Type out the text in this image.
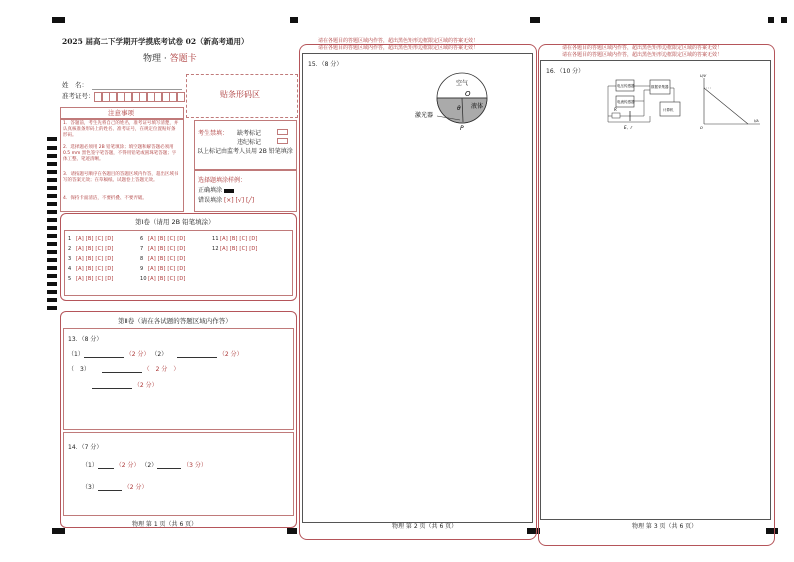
2025 届高二下学期开学摸底考试卷 02（新高考通用）
物理 · 答题卡
姓　名：
准考证号：	贴条形码区
注意事项
1．答题前，考生先将自己的姓名，准考证号填写清楚，并认真核准条形码上的姓名、准考证号，在规定位置贴好条形码。
2．选择题必须用 2B 铅笔填涂；填空题和解答题必须用 0.5 mm 黑色签字笔答题，不得用铅笔或圆珠笔答题；字体工整、笔迹清晰。
3．请按题号顺序在各题目的答题区域内作答，超出区域书写的答案无效；在草稿纸、试题卷上答题无效。
4．保持卡面清洁，不要折叠、不要弄破。
考生禁填： 缺考标记
违纪标记
以上标记由监考人员用 2B 铅笔填涂
选择题填涂样例：
正确填涂
错误填涂 [×] [√] [╱]
第Ⅰ卷（请用 2B 铅笔填涂）
1 [A] [B] [C] [D]
2 [A] [B] [C] [D]
3 [A] [B] [C] [D]
4 [A] [B] [C] [D]
5 [A] [B] [C] [D]
6 [A] [B] [C] [D]
7 [A] [B] [C] [D]
8 [A] [B] [C] [D]
9 [A] [B] [C] [D]
10[A] [B] [C] [D]
11[A] [B] [C] [D]
12[A] [B] [C] [D]
第Ⅱ卷（请在各试题的答题区域内作答）
13．（8 分）
（1）	（2 分） （2）	（2 分）
（　3）	（　2 分　）
（2 分）
14．（7 分）
（1）	（2 分） （2）	（3 分）
（3）	（2 分）
物理 第 1 页（共 6 页）
请在各题目的答题区域内作答，超出黑色矩形边框限定区域的答案无效！
请在各题目的答题区域内作答，超出黑色矩形边框限定区域的答案无效！
15．（8 分）
空气
O
θ 液体
激光器
P
物理 第 2 页（共 6 页）
请在各题目的答题区域内作答，超出黑色矩形边框限定区域的答案无效！
请在各题目的答题区域内作答，超出黑色矩形边框限定区域的答案无效！
16．（10 分）
电压传感器	数据采集器
电流传感器
计算机
R
E、r
U/V
I/A
O
物理 第 3 页（共 6 页）
